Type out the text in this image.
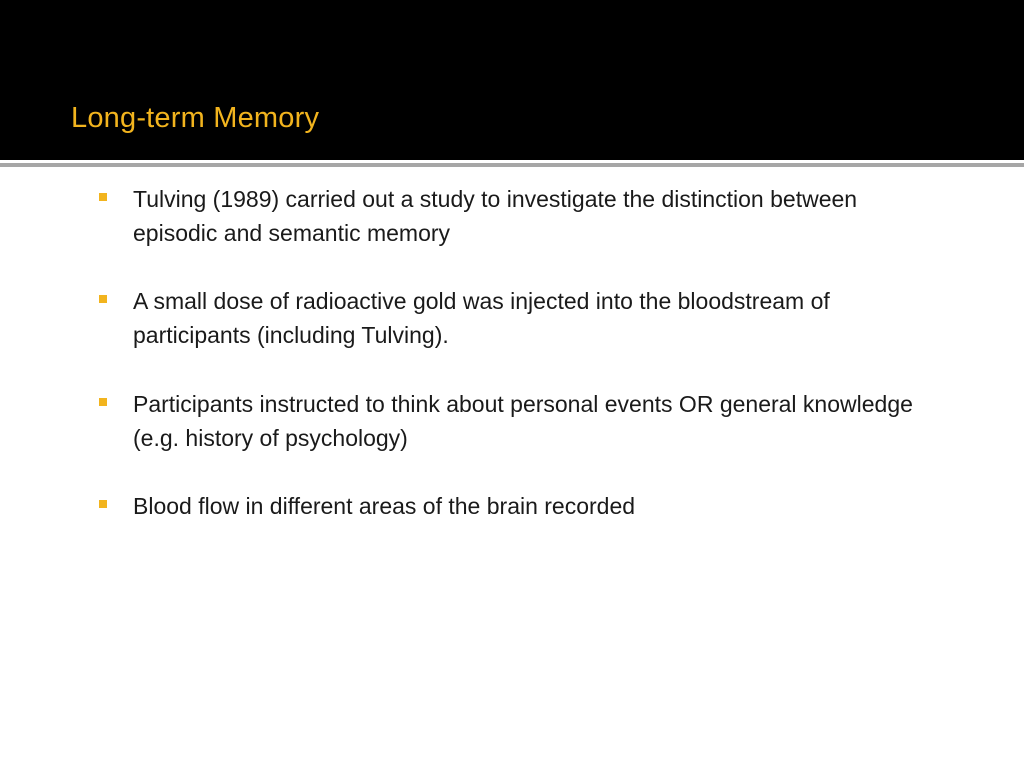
Long-term Memory
Tulving (1989) carried out a study to investigate the distinction between episodic and semantic memory
A small dose of radioactive gold was injected into the bloodstream of participants (including Tulving).
Participants instructed to think about personal events OR general knowledge (e.g. history of psychology)
Blood flow in different areas of the brain recorded
